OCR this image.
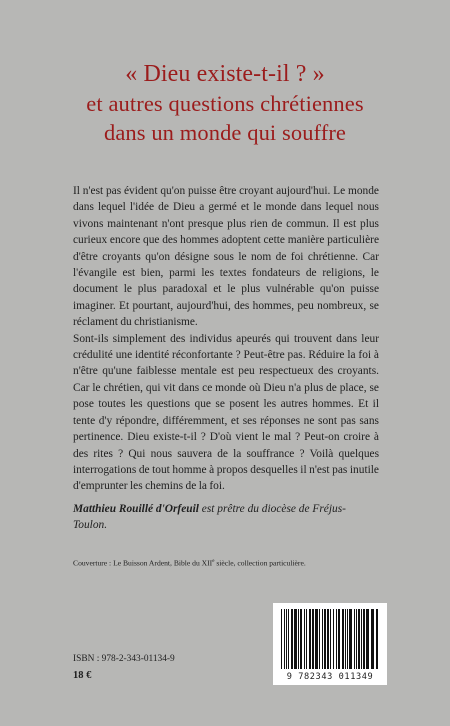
« Dieu existe-t-il ? »
et autres questions chrétiennes
dans un monde qui souffre

Il n'est pas évident qu'on puisse être croyant aujourd'hui. Le monde dans lequel l'idée de Dieu a germé et le monde dans lequel nous vivons maintenant n'ont presque plus rien de commun. Il est plus curieux encore que des hommes adoptent cette manière particulière d'être croyants qu'on désigne sous le nom de foi chrétienne. Car l'évangile est bien, parmi les textes fondateurs de religions, le document le plus paradoxal et le plus vulnérable qu'on puisse imaginer. Et pourtant, aujourd'hui, des hommes, peu nombreux, se réclament du christianisme.

Sont-ils simplement des individus apeurés qui trouvent dans leur crédulité une identité réconfortante ? Peut-être pas. Réduire la foi à n'être qu'une faiblesse mentale est peu respectueux des croyants. Car le chrétien, qui vit dans ce monde où Dieu n'a plus de place, se pose toutes les questions que se posent les autres hommes. Et il tente d'y répondre, différemment, et ses réponses ne sont pas sans pertinence. Dieu existe-t-il ? D'où vient le mal ? Peut-on croire à des rites ? Qui nous sauvera de la souffrance ? Voilà quelques interrogations de tout homme à propos desquelles il n'est pas inutile d'emprunter les chemins de la foi.

Matthieu Rouillé d'Orfeuil est prêtre du diocèse de Fréjus-Toulon.
Couverture : Le Buisson Ardent, Bible du XIIe siècle, collection particulière.
ISBN : 978-2-343-01134-9
18 €	9 782343 011349
